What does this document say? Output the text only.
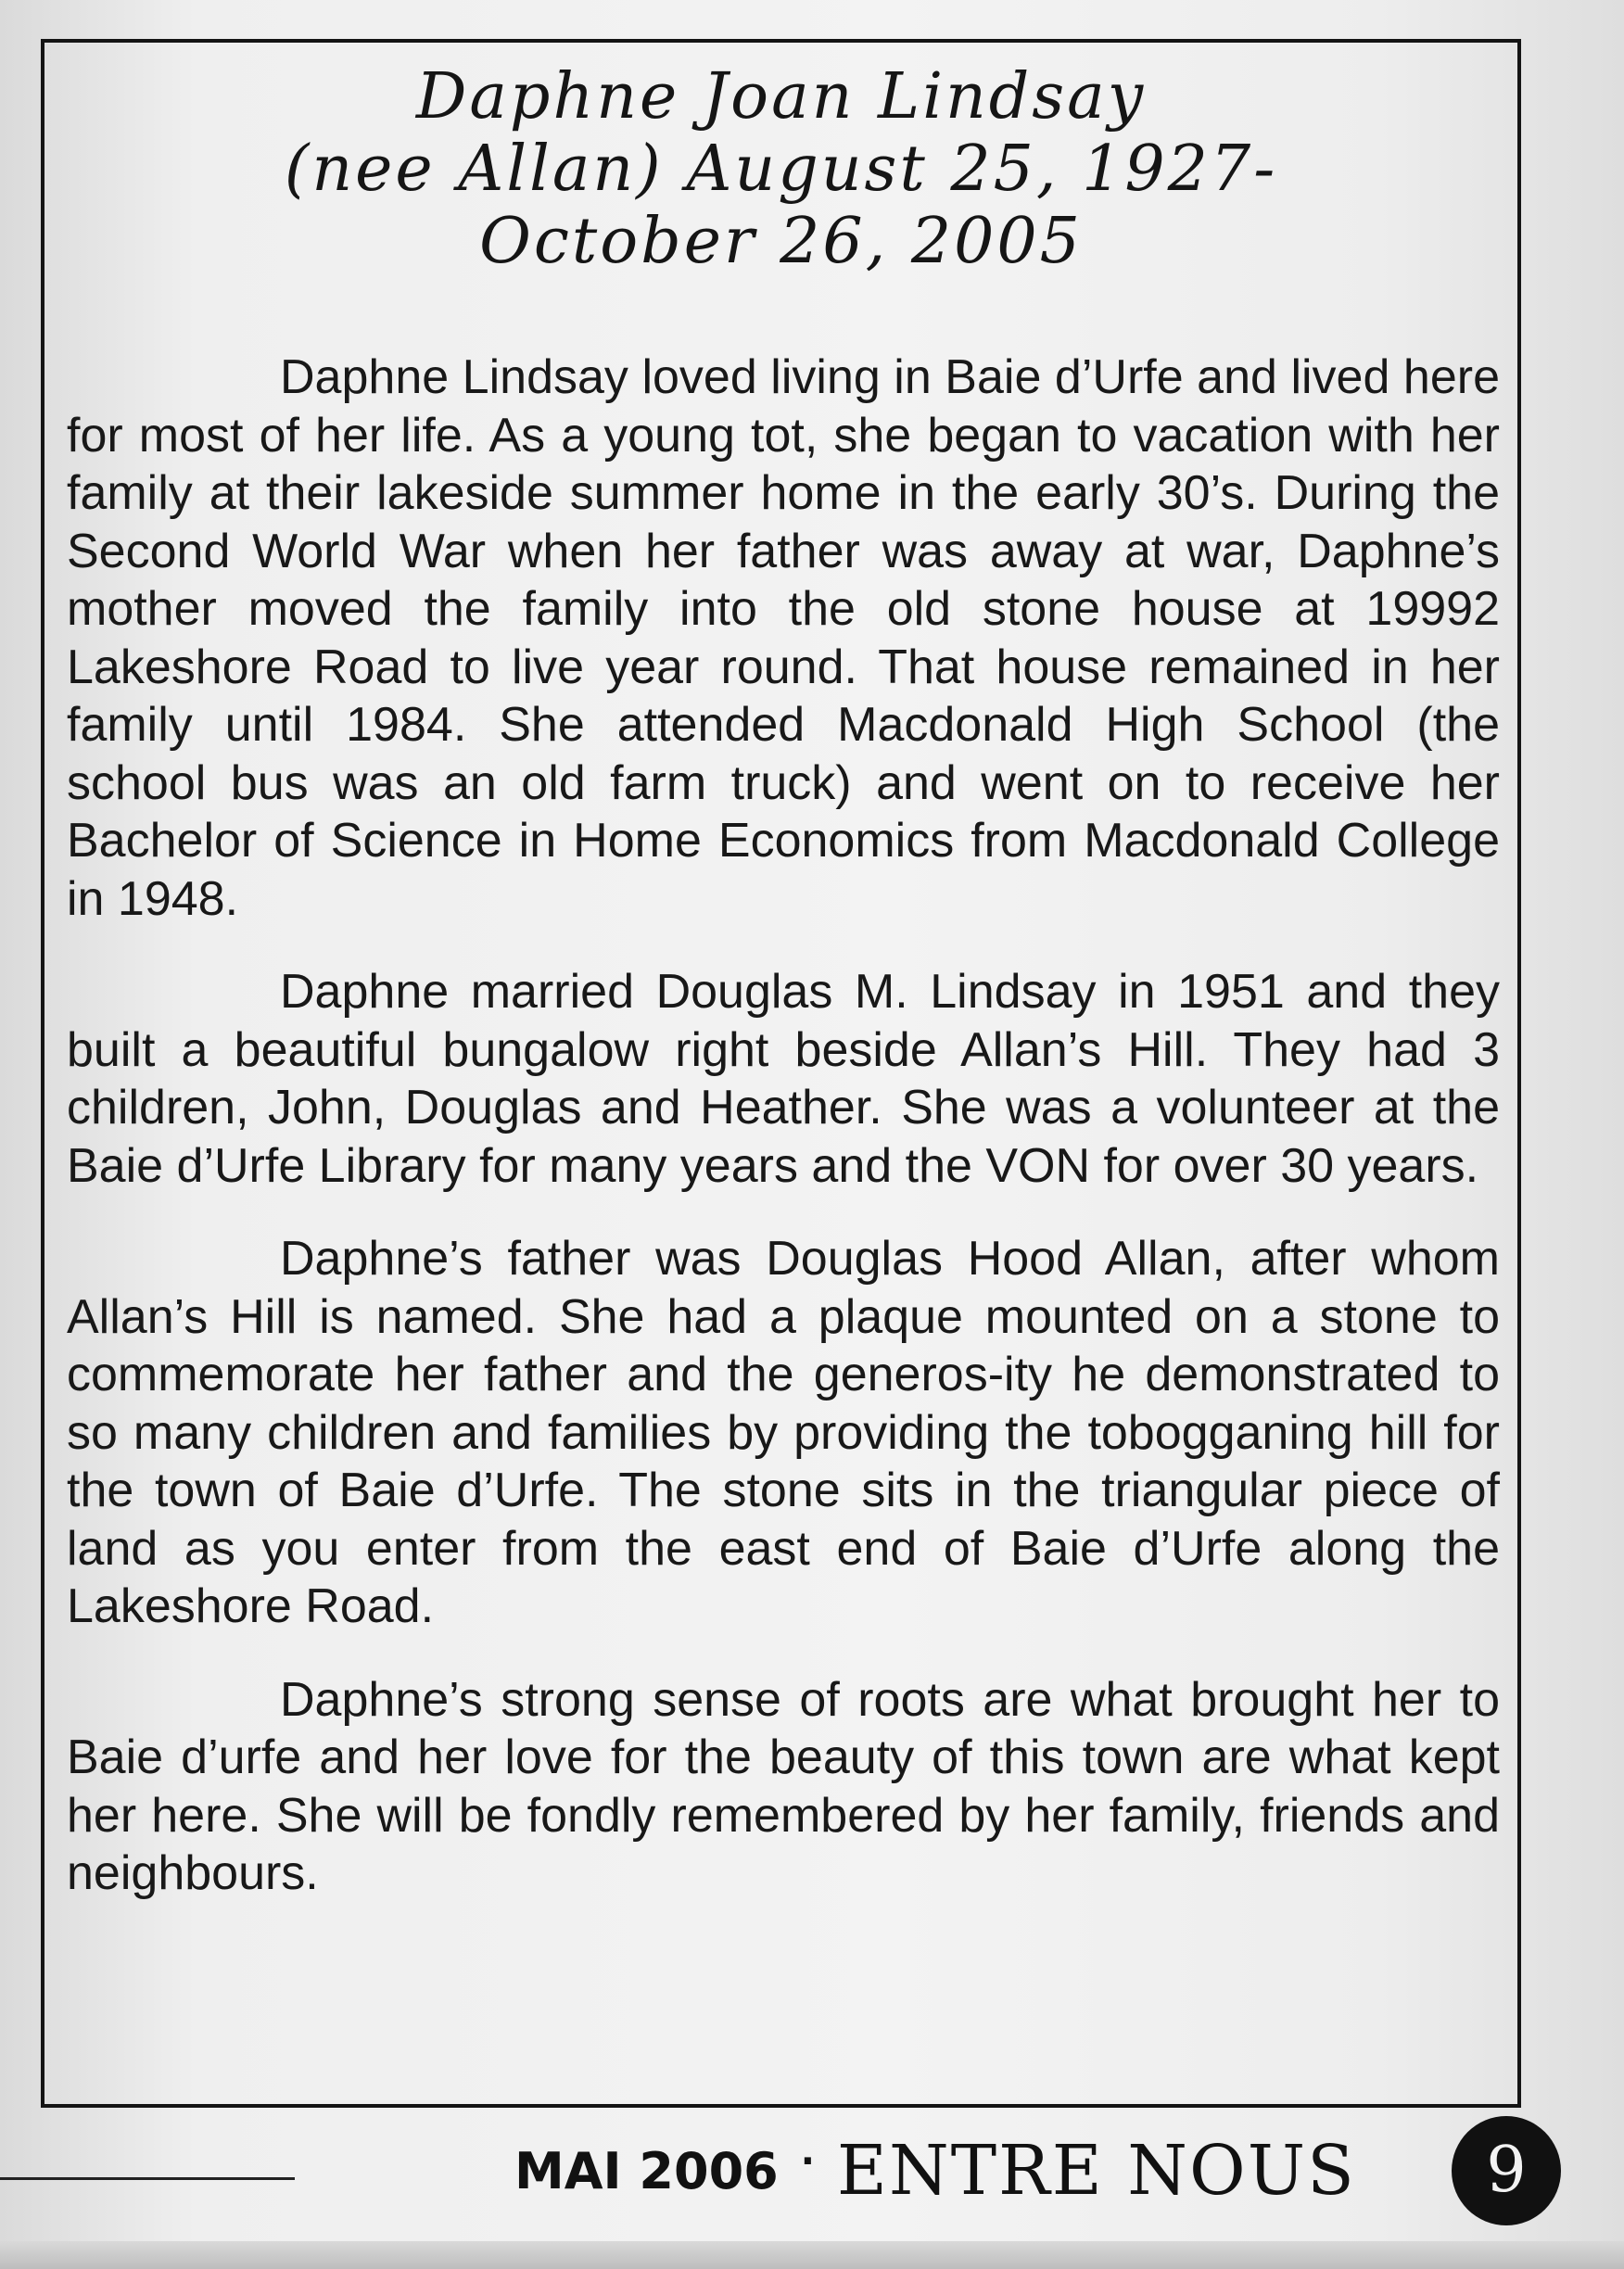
Daphne Joan Lindsay
(nee Allan) August 25, 1927-
October 26, 2005

Daphne Lindsay loved living in Baie d’Urfe and lived here for most of her life. As a young tot, she began to vacation with her family at their lakeside summer home in the early 30’s. During the Second World War when her father was away at war, Daphne’s mother moved the family into the old stone house at 19992 Lakeshore Road to live year round. That house remained in her family until 1984. She attended Macdonald High School (the school bus was an old farm truck) and went on to receive her Bachelor of Science in Home Economics from Macdonald College in 1948.

Daphne married Douglas M. Lindsay in 1951 and they built a beautiful bungalow right beside Allan’s Hill. They had 3 children, John, Douglas and Heather. She was a volunteer at the Baie d’Urfe Library for many years and the VON for over 30 years.

Daphne’s father was Douglas Hood Allan, after whom Allan’s Hill is named. She had a plaque mounted on a stone to commemorate her father and the generos-ity he demonstrated to so many children and families by providing the tobogganing hill for the town of Baie d’Urfe. The stone sits in the triangular piece of land as you enter from the east end of Baie d’Urfe along the Lakeshore Road.

Daphne’s strong sense of roots are what brought her to Baie d’urfe and her love for the beauty of this town are what kept her here. She will be fondly remembered by her family, friends and neighbours.

MAI 2006 · ENTRE NOUS	9
